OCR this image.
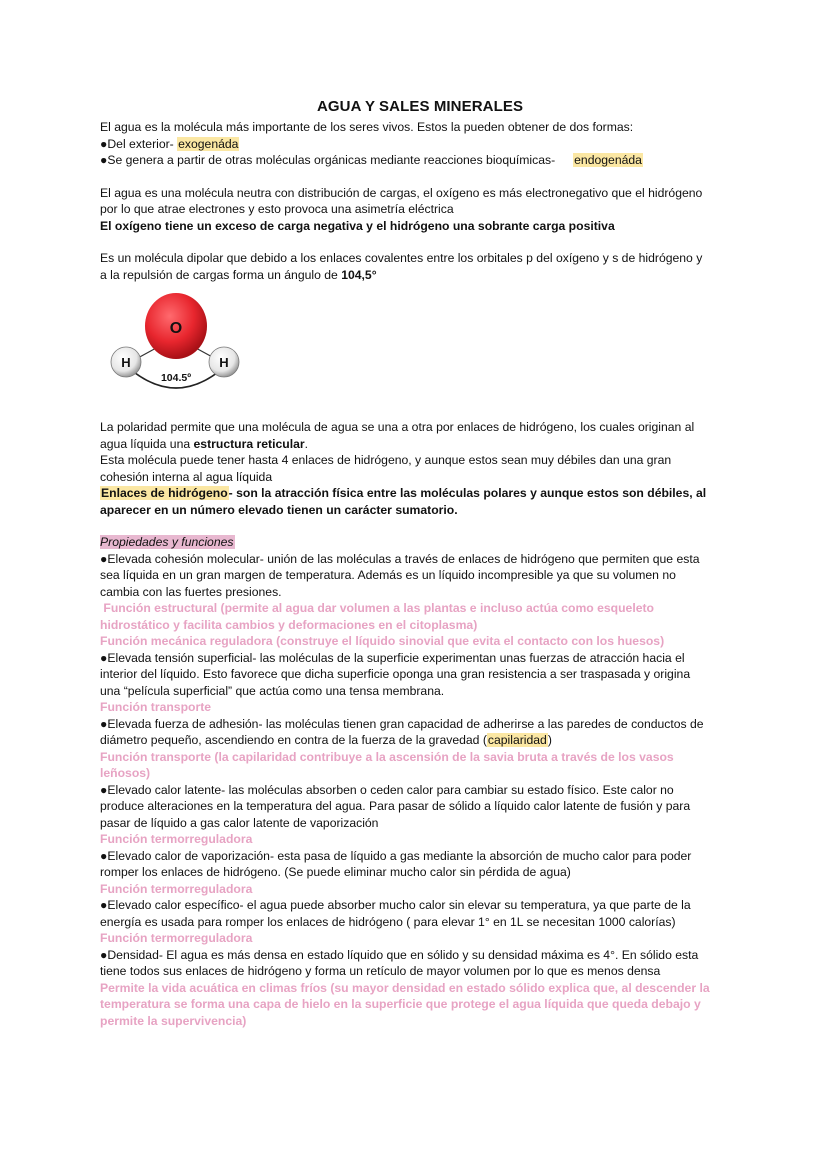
AGUA Y SALES MINERALES

El agua es la molécula más importante de los seres vivos. Estos la pueden obtener de dos formas:

●Del exterior- exogenáda

●Se genera a partir de otras moléculas orgánicas mediante reacciones bioquímicas- endogenáda

El agua es una molécula neutra con distribución de cargas, el oxígeno es más electronegativo que el hidrógeno

por lo que atrae electrones y esto provoca una asimetría eléctrica

El oxígeno tiene un exceso de carga negativa y el hidrógeno una sobrante carga positiva

Es un molécula dipolar que debido a los enlaces covalentes entre los orbitales p del oxígeno y s de hidrógeno y

a la repulsión de cargas forma un ángulo de 104,5°

O
H	H
104.5º

La polaridad permite que una molécula de agua se una a otra por enlaces de hidrógeno, los cuales originan al

agua líquida una estructura reticular.

Esta molécula puede tener hasta 4 enlaces de hidrógeno, y aunque estos sean muy débiles dan una gran

cohesión interna al agua líquida

Enlaces de hidrógeno- son la atracción física entre las moléculas polares y aunque estos son débiles, al

aparecer en un número elevado tienen un carácter sumatorio.

Propiedades y funciones

●Elevada cohesión molecular- unión de las moléculas a través de enlaces de hidrógeno que permiten que esta

sea líquida en un gran margen de temperatura. Además es un líquido incompresible ya que su volumen no

cambia con las fuertes presiones.

Función estructural (permite al agua dar volumen a las plantas e incluso actúa como esqueleto

hidrostático y facilita cambios y deformaciones en el citoplasma)

Función mecánica reguladora (construye el líquido sinovial que evita el contacto con los huesos)

●Elevada tensión superficial- las moléculas de la superficie experimentan unas fuerzas de atracción hacia el

interior del líquido. Esto favorece que dicha superficie oponga una gran resistencia a ser traspasada y origina

una “película superficial” que actúa como una tensa membrana.

Función transporte

●Elevada fuerza de adhesión- las moléculas tienen gran capacidad de adherirse a las paredes de conductos de

diámetro pequeño, ascendiendo en contra de la fuerza de la gravedad (capilaridad)

Función transporte (la capilaridad contribuye a la ascensión de la savia bruta a través de los vasos

leñosos)

●Elevado calor latente- las moléculas absorben o ceden calor para cambiar su estado físico. Este calor no

produce alteraciones en la temperatura del agua. Para pasar de sólido a líquido calor latente de fusión y para

pasar de líquido a gas calor latente de vaporización

Función termorreguladora

●Elevado calor de vaporización- esta pasa de líquido a gas mediante la absorción de mucho calor para poder

romper los enlaces de hidrógeno. (Se puede eliminar mucho calor sin pérdida de agua)

Función termorreguladora

●Elevado calor específico- el agua puede absorber mucho calor sin elevar su temperatura, ya que parte de la

energía es usada para romper los enlaces de hidrógeno ( para elevar 1° en 1L se necesitan 1000 calorías)

Función termorreguladora

●Densidad- El agua es más densa en estado líquido que en sólido y su densidad máxima es 4°. En sólido esta

tiene todos sus enlaces de hidrógeno y forma un retículo de mayor volumen por lo que es menos densa

Permite la vida acuática en climas fríos (su mayor densidad en estado sólido explica que, al descender la

temperatura se forma una capa de hielo en la superficie que protege el agua líquida que queda debajo y

permite la supervivencia)
